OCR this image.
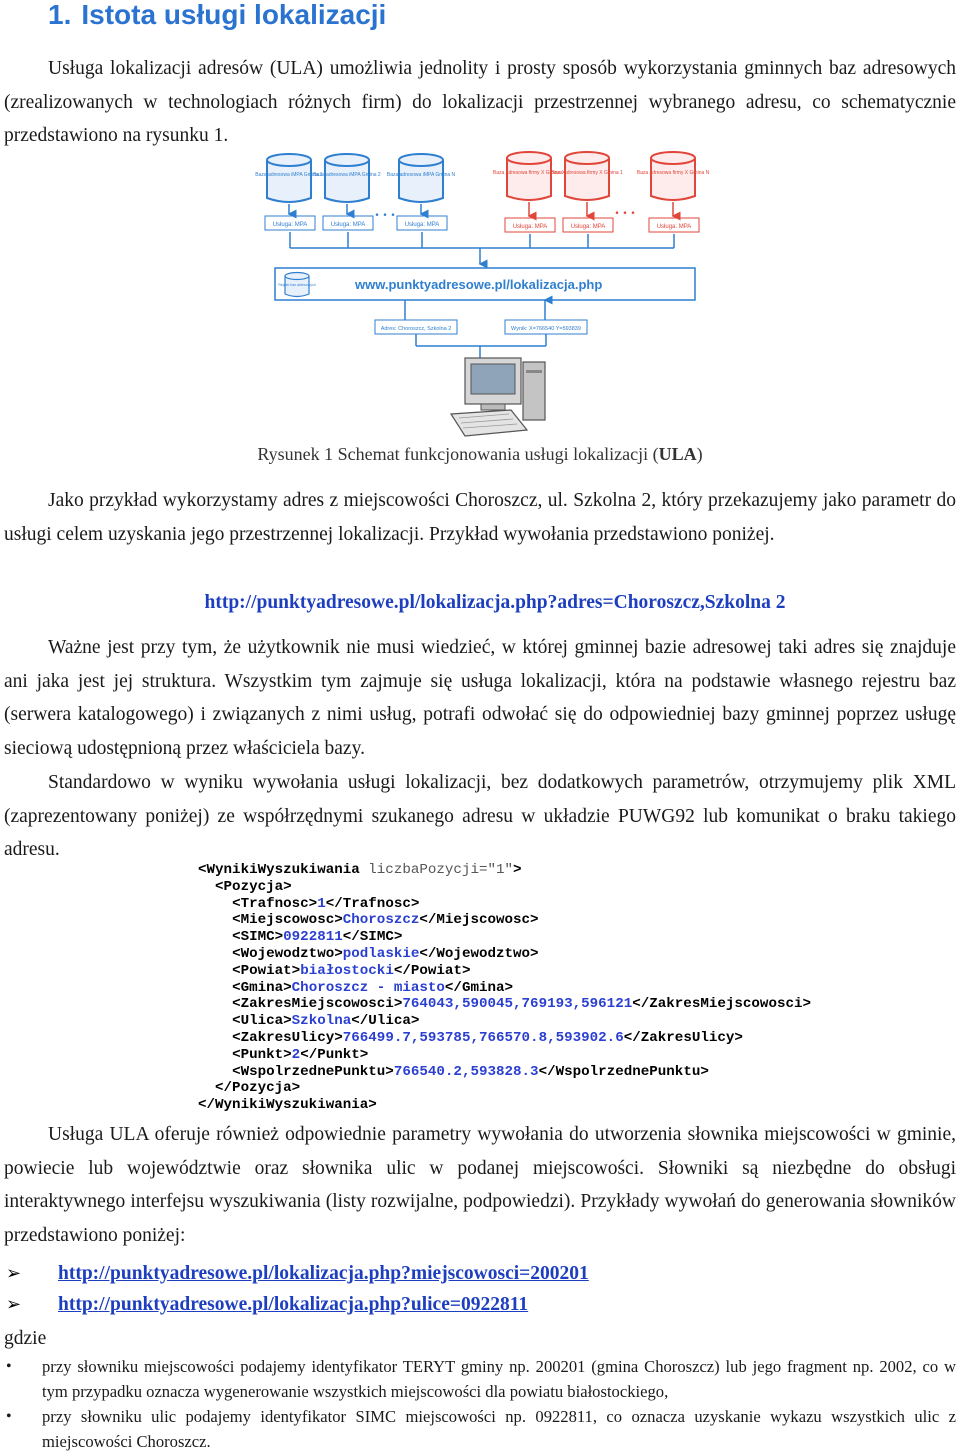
1. Istota usługi lokalizacji

Usługa lokalizacji adresów (ULA) umożliwia jednolity i prosty sposób wykorzystania gminnych baz adresowych (zrealizowanych w technologiach różnych firm) do lokalizacji przestrzennej wybranego adresu, co schematycznie przedstawiono na rysunku 1.

Baza adresowa iMPA Gmina 1
Baza adresowa iMPA Gmina 2
. . .
Baza adresowa iMPA Gmina N
Usługa: MPA	Usługa: MPA	Usługa: MPA
Baza adresowa firmy X Gmina X
Baza adresowa firmy X Gmina 1
. . .
Baza adresowa firmy X Gmina N
Usługa: MPA	Usługa: MPA	Usługa: MPA
Rejestr baz adresowych	www.punktyadresowe.pl/lokalizacja.php
Adres: Choroszcz, Szkolna 2	Wynik: X=766540 Y=593839
Rysunek 1 Schemat funkcjonowania usługi lokalizacji (ULA)

Jako przykład wykorzystamy adres z miejscowości Choroszcz, ul. Szkolna 2, który przekazujemy jako parametr do usługi celem uzyskania jego przestrzennej lokalizacji. Przykład wywołania przedstawiono poniżej.

http://punktyadresowe.pl/lokalizacja.php?adres=Choroszcz,Szkolna 2

Ważne jest przy tym, że użytkownik nie musi wiedzieć, w której gminnej bazie adresowej taki adres się znajduje ani jaka jest jej struktura. Wszystkim tym zajmuje się usługa lokalizacji, która na podstawie własnego rejestru baz (serwera katalogowego) i związanych z nimi usług, potrafi odwołać się do odpowiedniej bazy gminnej poprzez usługę sieciową udostępnioną przez właściciela bazy.

Standardowo w wyniku wywołania usługi lokalizacji, bez dodatkowych parametrów, otrzymujemy plik XML (zaprezentowany poniżej) ze współrzędnymi szukanego adresu w układzie PUWG92 lub komunikat o braku takiego adresu.

<WynikiWyszukiwania liczbaPozycji="1">
<Pozycja>
<Trafnosc>1</Trafnosc>
<Miejscowosc>Choroszcz</Miejscowosc>
<SIMC>0922811</SIMC>
<Wojewodztwo>podlaskie</Wojewodztwo>
<Powiat>białostocki</Powiat>
<Gmina>Choroszcz - miasto</Gmina>
<ZakresMiejscowosci>764043,590045,769193,596121</ZakresMiejscowosci>
<Ulica>Szkolna</Ulica>
<ZakresUlicy>766499.7,593785,766570.8,593902.6</ZakresUlicy>
<Punkt>2</Punkt>
<WspolrzednePunktu>766540.2,593828.3</WspolrzednePunktu>
</Pozycja>
</WynikiWyszukiwania>

Usługa ULA oferuje również odpowiednie parametry wywołania do utworzenia słownika miejscowości w gminie, powiecie lub województwie oraz słownika ulic w podanej miejscowości. Słowniki są niezbędne do obsługi interaktywnego interfejsu wyszukiwania (listy rozwijalne, podpowiedzi). Przykłady wywołań do generowania słowników przedstawiono poniżej:

➢ http://punktyadresowe.pl/lokalizacja.php?miejscowosci=200201
➢ http://punktyadresowe.pl/lokalizacja.php?ulice=0922811
gdzie
• przy słowniku miejscowości podajemy identyfikator TERYT gminy np. 200201 (gmina Choroszcz) lub jego fragment np. 2002, co w tym przypadku oznacza wygenerowanie wszystkich miejscowości dla powiatu białostockiego,
• przy słowniku ulic podajemy identyfikator SIMC miejscowości np. 0922811, co oznacza uzyskanie wykazu wszystkich ulic z miejscowości Choroszcz.
